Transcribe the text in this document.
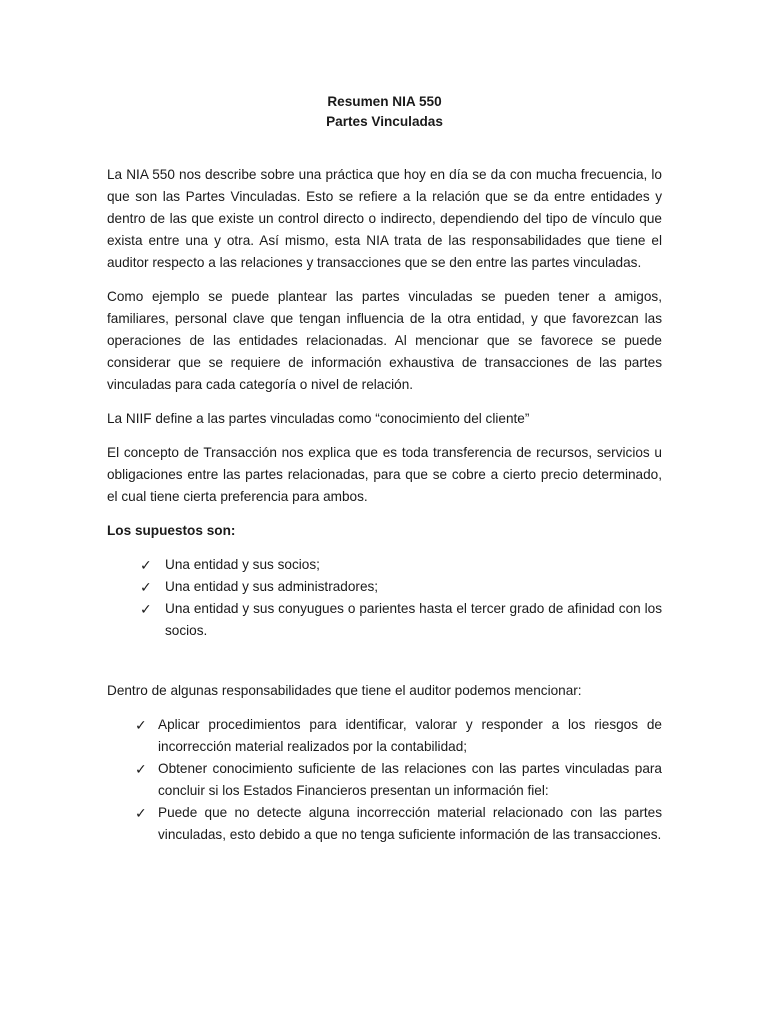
Resumen NIA 550

Partes Vinculadas

La NIA 550 nos describe sobre una práctica que hoy en día se da con mucha frecuencia, lo que son las Partes Vinculadas. Esto se refiere a la relación que se da entre entidades y dentro de las que existe un control directo o indirecto, dependiendo del tipo de vínculo que exista entre una y otra. Así mismo, esta NIA trata de las responsabilidades que tiene el auditor respecto a las relaciones y transacciones que se den entre las partes vinculadas.

Como ejemplo se puede plantear las partes vinculadas se pueden tener a amigos, familiares, personal clave que tengan influencia de la otra entidad, y que favorezcan las operaciones de las entidades relacionadas. Al mencionar que se favorece se puede considerar que se requiere de información exhaustiva de transacciones de las partes vinculadas para cada categoría o nivel de relación.

La NIIF define a las partes vinculadas como “conocimiento del cliente”

El concepto de Transacción nos explica que es toda transferencia de recursos, servicios u obligaciones entre las partes relacionadas, para que se cobre a cierto precio determinado, el cual tiene cierta preferencia para ambos.

Los supuestos son:

✓ Una entidad y sus socios;
✓ Una entidad y sus administradores;
✓ Una entidad y sus conyugues o parientes hasta el tercer grado de afinidad con los socios.

Dentro de algunas responsabilidades que tiene el auditor podemos mencionar:

✓ Aplicar procedimientos para identificar, valorar y responder a los riesgos de incorrección material realizados por la contabilidad;
✓ Obtener conocimiento suficiente de las relaciones con las partes vinculadas para concluir si los Estados Financieros presentan un información fiel:
✓ Puede que no detecte alguna incorrección material relacionado con las partes vinculadas, esto debido a que no tenga suficiente información de las transacciones.
